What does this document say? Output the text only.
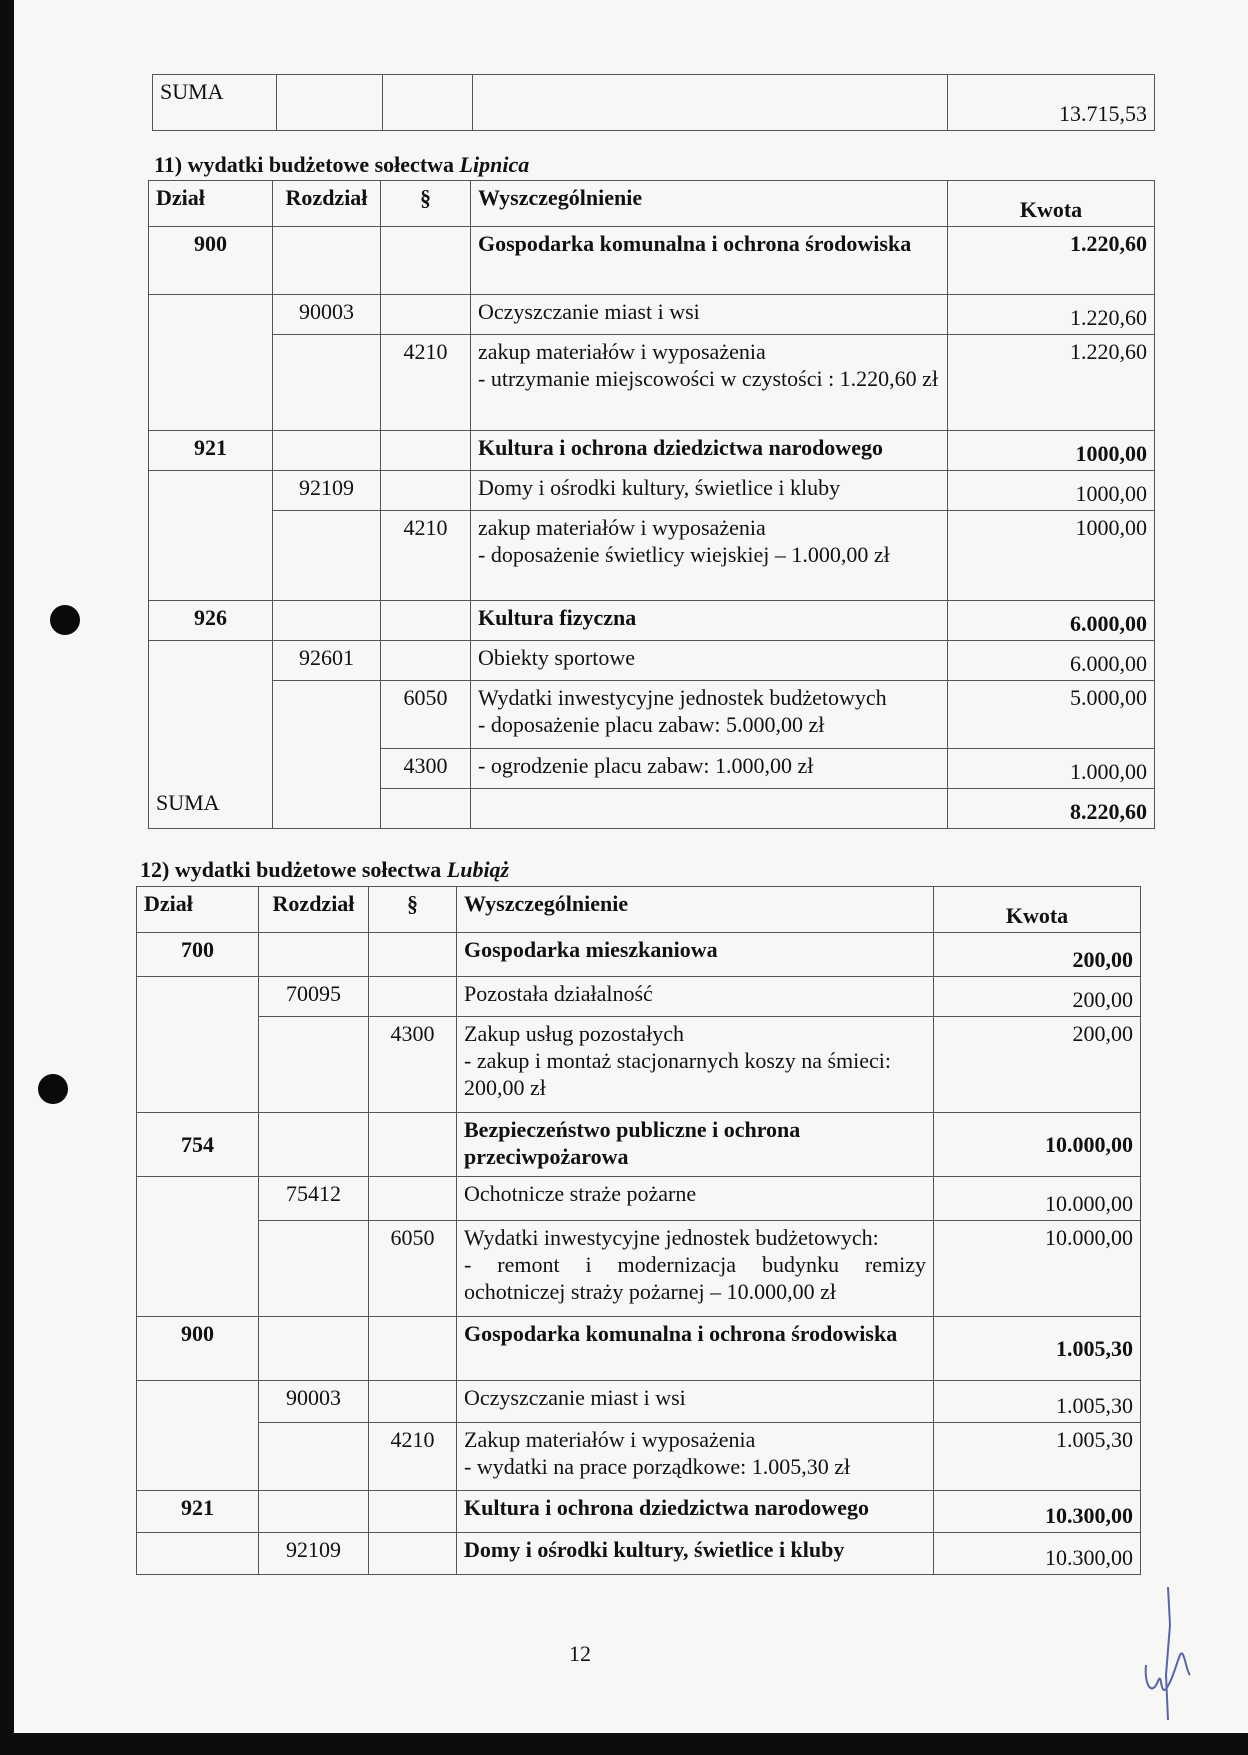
SUMA				13.715,53
11) wydatki budżetowe sołectwa Lipnica
Dział	Rozdział	§	Wyszczególnienie	Kwota
900			Gospodarka komunalna i ochrona środowiska	1.220,60
	90003		Oczyszczanie miast i wsi	1.220,60
		4210	zakup materiałów i wyposażenia
- utrzymanie miejscowości w czystości : 1.220,60 zł	1.220,60
921			Kultura i ochrona dziedzictwa narodowego	1000,00
	92109		Domy i ośrodki kultury, świetlice i kluby	1000,00
		4210	zakup materiałów i wyposażenia
- doposażenie świetlicy wiejskiej – 1.000,00 zł	1000,00
926			Kultura fizyczna	6.000,00
	92601		Obiekty sportowe	6.000,00
		6050	Wydatki inwestycyjne jednostek budżetowych
- doposażenie placu zabaw: 5.000,00 zł	5.000,00
		4300	- ogrodzenie placu zabaw: 1.000,00 zł	1.000,00
SUMA				8.220,60
12) wydatki budżetowe sołectwa Lubiąż
Dział	Rozdział	§	Wyszczególnienie	Kwota
700			Gospodarka mieszkaniowa	200,00
	70095		Pozostała działalność	200,00
		4300	Zakup usług pozostałych
- zakup i montaż stacjonarnych koszy na śmieci: 200,00 zł	200,00
754			Bezpieczeństwo publiczne i ochrona przeciwpożarowa	10.000,00
	75412		Ochotnicze straże pożarne	10.000,00
		6050	Wydatki inwestycyjne jednostek budżetowych:
- remont i modernizacja budynku remizy ochotniczej straży pożarnej – 10.000,00 zł	10.000,00
900			Gospodarka komunalna i ochrona środowiska	1.005,30
	90003		Oczyszczanie miast i wsi	1.005,30
		4210	Zakup materiałów i wyposażenia
- wydatki na prace porządkowe: 1.005,30 zł	1.005,30
921			Kultura i ochrona dziedzictwa narodowego	10.300,00
	92109		Domy i ośrodki kultury, świetlice i kluby	10.300,00
12
